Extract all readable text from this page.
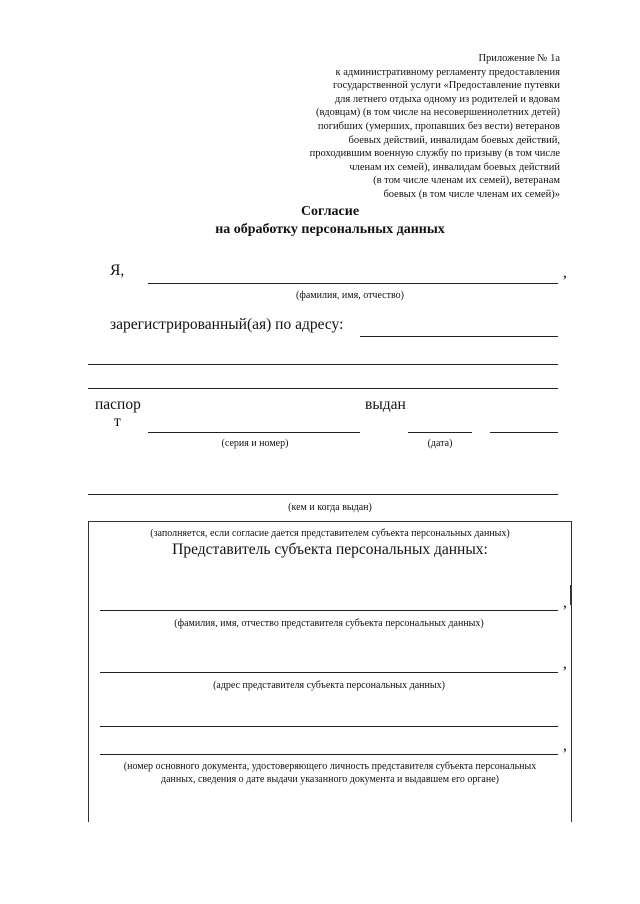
Приложение № 1а
к административному регламенту предоставления
государственной услуги «Предоставление путевки
для летнего отдыха одному из родителей и вдовам
(вдовцам) (в том числе на несовершеннолетних детей)
погибших (умерших, пропавших без вести) ветеранов
боевых действий, инвалидам боевых действий,
проходившим военную службу по призыву (в том числе
членам их семей), инвалидам боевых действий
(в том числе членам их семей), ветеранам
боевых (в том числе членам их семей)»
Согласие
на обработку персональных данных
Я,	,
(фамилия, имя, отчество)
зарегистрированный(ая) по адресу:
паспор
т
выдан
(серия и номер)	(дата)
(кем и когда выдан)
(заполняется, если согласие дается представителем субъекта персональных данных)
Представитель субъекта персональных данных:
,
(фамилия, имя, отчество представителя субъекта персональных данных)
,
(адрес представителя субъекта персональных данных)
,
(номер основного документа, удостоверяющего личность представителя субъекта персональных
данных, сведения о дате выдачи указанного документа и выдавшем его органе)
